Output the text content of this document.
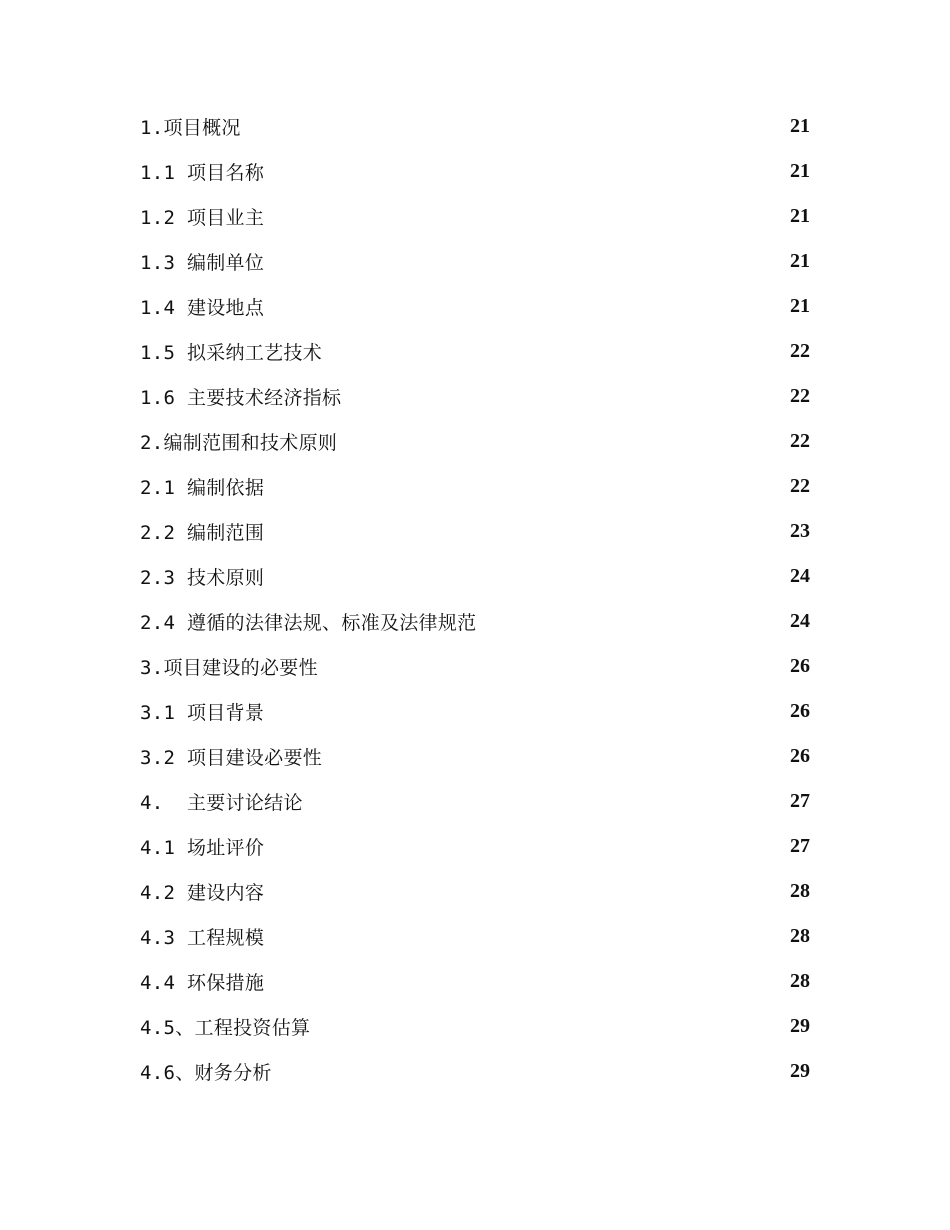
1.项目概况	21
1.1 项目名称	21
1.2 项目业主	21
1.3 编制单位	21
1.4 建设地点	21
1.5 拟采纳工艺技术	22
1.6 主要技术经济指标	22
2.编制范围和技术原则	22
2.1 编制依据	22
2.2 编制范围	23
2.3 技术原则	24
2.4 遵循的法律法规、标准及法律规范	24
3.项目建设的必要性	26
3.1 项目背景	26
3.2 项目建设必要性	26
4.  主要讨论结论	27
4.1 场址评价	27
4.2 建设内容	28
4.3 工程规模	28
4.4 环保措施	28
4.5、工程投资估算	29
4.6、财务分析	29
